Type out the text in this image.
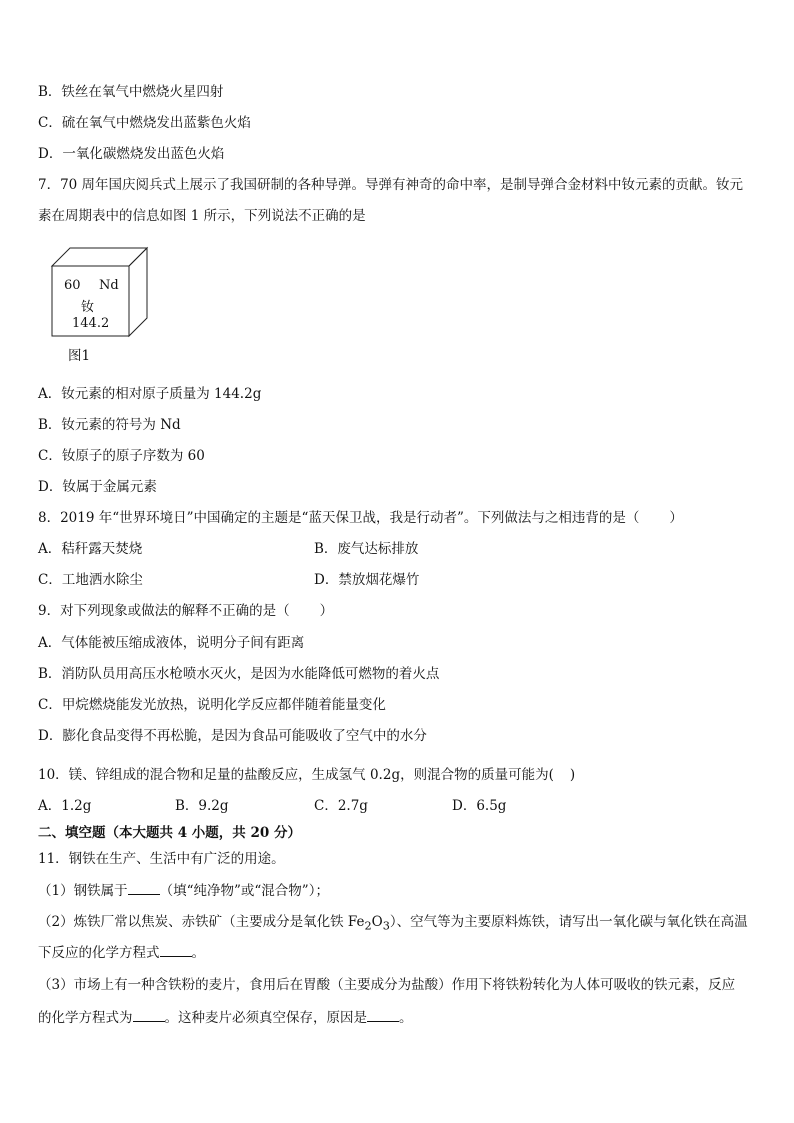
B．铁丝在氧气中燃烧火星四射
C．硫在氧气中燃烧发出蓝紫色火焰
D．一氧化碳燃烧发出蓝色火焰
7．70 周年国庆阅兵式上展示了我国研制的各种导弹。导弹有神奇的命中率，是制导弹合金材料中钕元素的贡献。钕元
素在周期表中的信息如图 1 所示，下列说法不正确的是
60 Nd
钕
144.2
图1
A．钕元素的相对原子质量为 144.2g
B．钕元素的符号为 Nd
C．钕原子的原子序数为 60
D．钕属于金属元素
8．2019 年“世界环境日”中国确定的主题是“蓝天保卫战，我是行动者”。下列做法与之相违背的是（ ）
A．秸秆露天焚烧	B．废气达标排放
C．工地洒水除尘	D．禁放烟花爆竹
9．对下列现象或做法的解释不正确的是（ ）
A．气体能被压缩成液体，说明分子间有距离
B．消防队员用高压水枪喷水灭火，是因为水能降低可燃物的着火点
C．甲烷燃烧能发光放热，说明化学反应都伴随着能量变化
D．膨化食品变得不再松脆，是因为食品可能吸收了空气中的水分
10．镁、锌组成的混合物和足量的盐酸反应，生成氢气 0.2g，则混合物的质量可能为( )
A．1.2g	B．9.2g	C．2.7g	D．6.5g
二、填空题（本大题共 4 小题，共 20 分）
11．钢铁在生产、生活中有广泛的用途。
（1）钢铁属于 （填“纯净物”或“混合物”）；
（2）炼铁厂常以焦炭、赤铁矿（主要成分是氧化铁 $Fe_2O_3$）、空气等为主要原料炼铁，请写出一氧化碳与氧化铁在高温
下反应的化学方程式 。
（3）市场上有一种含铁粉的麦片，食用后在胃酸（主要成分为盐酸）作用下将铁粉转化为人体可吸收的铁元素，反应
的化学方程式为 。这种麦片必须真空保存，原因是 。
